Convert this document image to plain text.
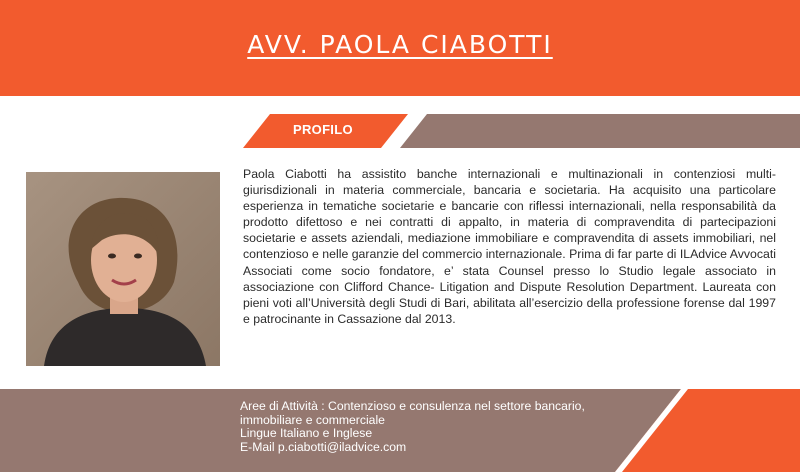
AVV. PAOLA CIABOTTI
PROFILO

Paola Ciabotti ha assistito banche internazionali e multinazionali in contenziosi multi-giurisdizionali in materia commerciale, bancaria e societaria. Ha acquisito una particolare esperienza in tematiche societarie e bancarie con riflessi internazionali, nella responsabilità da prodotto difettoso e nei contratti di appalto, in materia di compravendita di partecipazioni societarie e assets aziendali, mediazione immobiliare e compravendita di assets immobiliari, nel contenzioso e nelle garanzie del commercio internazionale. Prima di far parte di ILAdvice Avvocati Associati come socio fondatore, e’ stata Counsel presso lo Studio legale associato in associazione con Clifford Chance- Litigation and Dispute Resolution Department. Laureata con pieni voti all’Università degli Studi di Bari, abilitata all’esercizio della professione forense dal 1997 e patrocinante in Cassazione dal 2013.

Aree di Attività : Contenzioso e consulenza nel settore bancario,
immobiliare e commerciale
Lingue Italiano e Inglese
E-Mail p.ciabotti@iladvice.com
